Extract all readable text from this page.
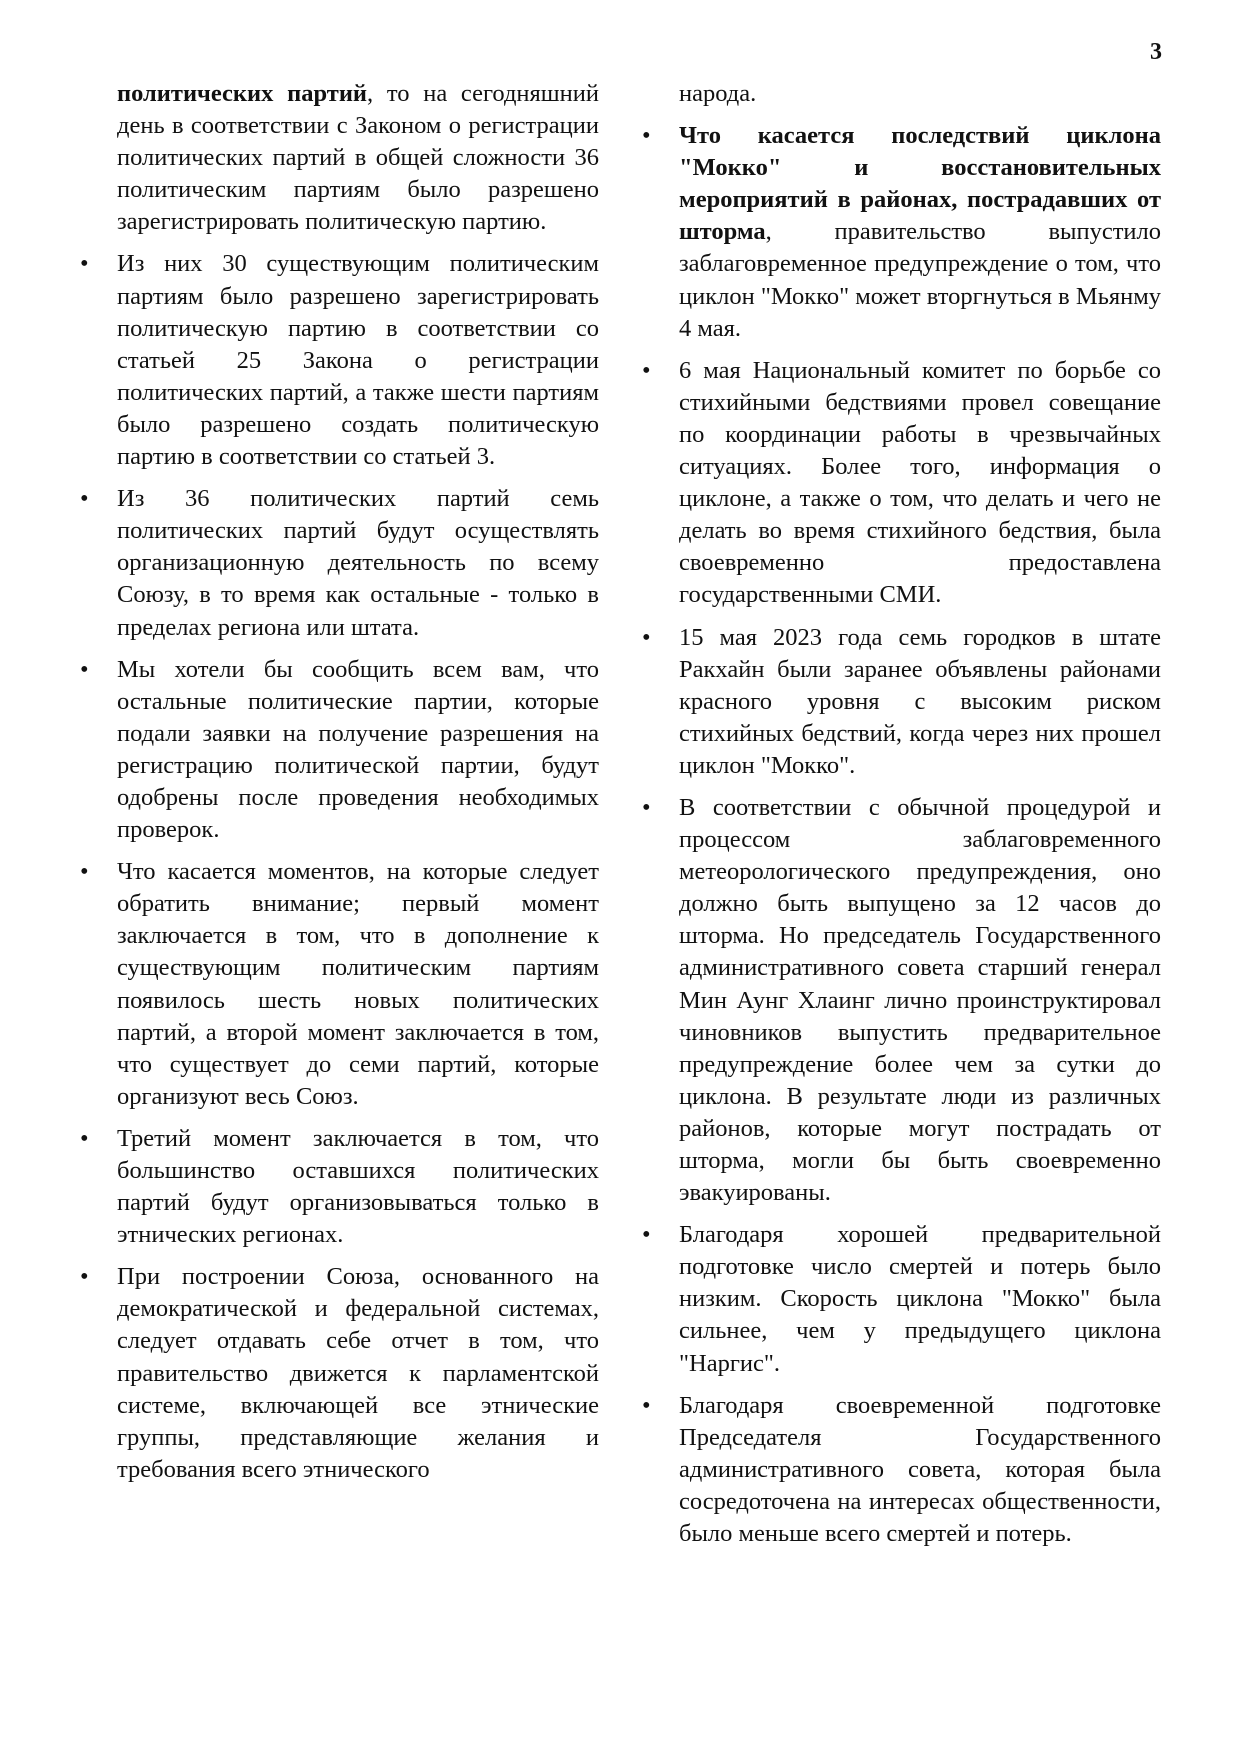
3

политических партий, то на сегодняшний день в соответствии с Законом о регистрации политических партий в общей сложности 36 политическим партиям было разрешено зарегистрировать политическую партию.

• Из них 30 существующим политическим партиям было разрешено зарегистрировать политическую партию в соответствии со статьей 25 Закона о регистрации политических партий, а также шести партиям было разрешено создать политическую партию в соответствии со статьей 3.

• Из 36 политических партий семь политических партий будут осуществлять организационную деятельность по всему Союзу, в то время как остальные - только в пределах региона или штата.

• Мы хотели бы сообщить всем вам, что остальные политические партии, которые подали заявки на получение разрешения на регистрацию политической партии, будут одобрены после проведения необходимых проверок.

• Что касается моментов, на которые следует обратить внимание; первый момент заключается в том, что в дополнение к существующим политическим партиям появилось шесть новых политических партий, а второй момент заключается в том, что существует до семи партий, которые организуют весь Союз.

• Третий момент заключается в том, что большинство оставшихся политических партий будут организовываться только в этнических регионах.

• При построении Союза, основанного на демократической и федеральной системах, следует отдавать себе отчет в том, что правительство движется к парламентской системе, включающей все этнические группы, представляющие желания и требования всего этнического

народа.

• Что касается последствий циклона "Мокко" и восстановительных мероприятий в районах, пострадавших от шторма, правительство выпустило заблаговременное предупреждение о том, что циклон "Мокко" может вторгнуться в Мьянму 4 мая.

• 6 мая Национальный комитет по борьбе со стихийными бедствиями провел совещание по координации работы в чрезвычайных ситуациях. Более того, информация о циклоне, а также о том, что делать и чего не делать во время стихийного бедствия, была своевременно предоставлена государственными СМИ.

• 15 мая 2023 года семь городков в штате Ракхайн были заранее объявлены районами красного уровня с высоким риском стихийных бедствий, когда через них прошел циклон "Мокко".

• В соответствии с обычной процедурой и процессом заблаговременного метеорологического предупреждения, оно должно быть выпущено за 12 часов до шторма. Но председатель Государственного административного совета старший генерал Мин Аунг Хлаинг лично проинструктировал чиновников выпустить предварительное предупреждение более чем за сутки до циклона. В результате люди из различных районов, которые могут пострадать от шторма, могли бы быть своевременно эвакуированы.

• Благодаря хорошей предварительной подготовке число смертей и потерь было низким. Скорость циклона "Мокко" была сильнее, чем у предыдущего циклона "Наргис".

• Благодаря своевременной подготовке Председателя Государственного административного совета, которая была сосредоточена на интересах общественности, было меньше всего смертей и потерь.
